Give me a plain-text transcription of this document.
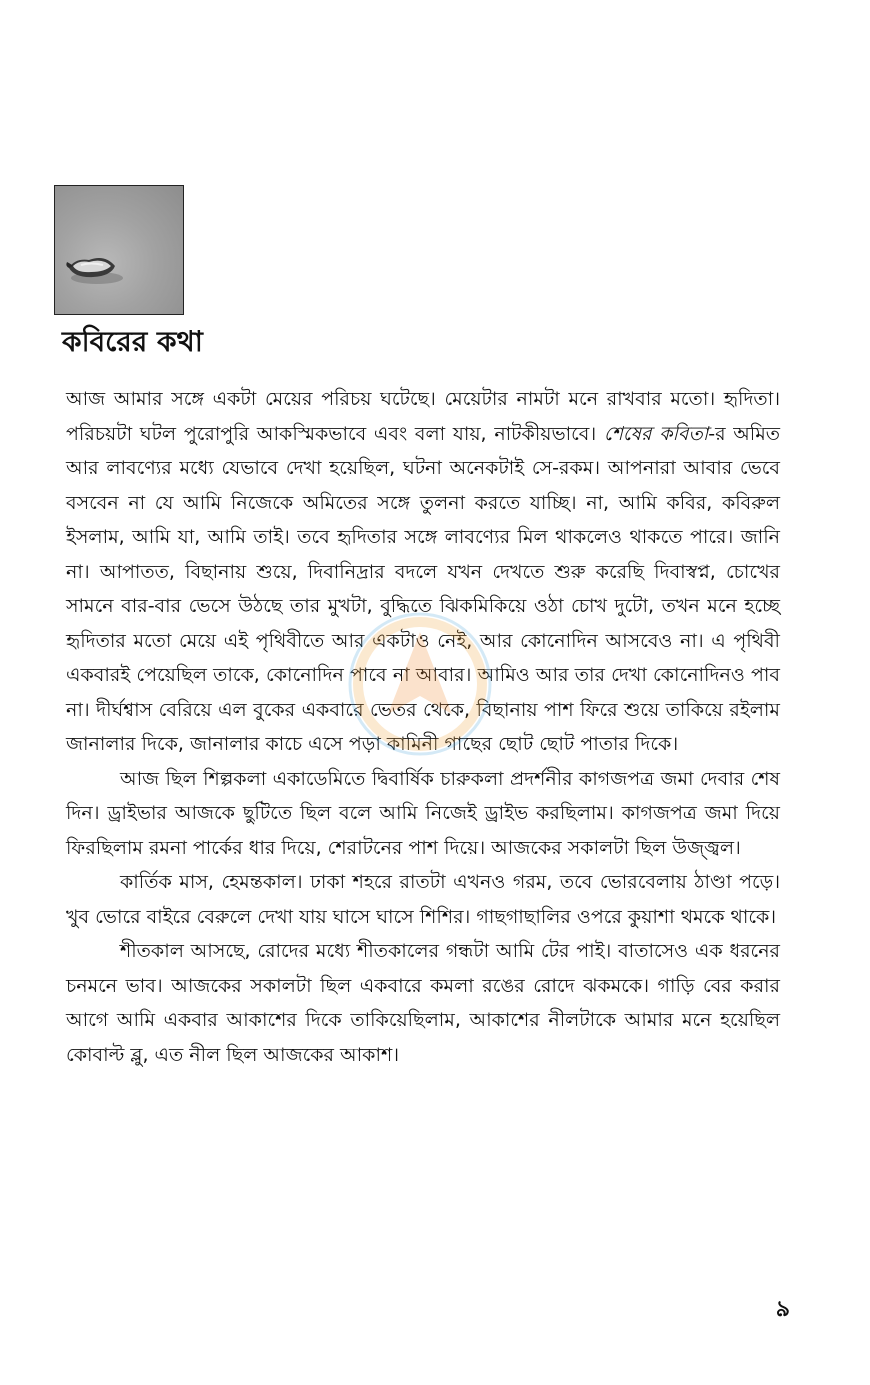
কবিরের কথা

আজ আমার সঙ্গে একটা মেয়ের পরিচয় ঘটেছে। মেয়েটার নামটা মনে রাখবার মতো। হৃদিতা। পরিচয়টা ঘটল পুরোপুরি আকস্মিকভাবে এবং বলা যায়, নাটকীয়ভাবে। শেষের কবিতা-র অমিত আর লাবণ্যের মধ্যে যেভাবে দেখা হয়েছিল, ঘটনা অনেকটাই সে-রকম। আপনারা আবার ভেবে বসবেন না যে আমি নিজেকে অমিতের সঙ্গে তুলনা করতে যাচ্ছি। না, আমি কবির, কবিরুল ইসলাম, আমি যা, আমি তাই। তবে হৃদিতার সঙ্গে লাবণ্যের মিল থাকলেও থাকতে পারে। জানি না। আপাতত, বিছানায় শুয়ে, দিবানিদ্রার বদলে যখন দেখতে শুরু করেছি দিবাস্বপ্ন, চোখের সামনে বার-বার ভেসে উঠছে তার মুখটা, বুদ্ধিতে ঝিকমিকিয়ে ওঠা চোখ দুটো, তখন মনে হচ্ছে হৃদিতার মতো মেয়ে এই পৃথিবীতে আর একটাও নেই, আর কোনোদিন আসবেও না। এ পৃথিবী একবারই পেয়েছিল তাকে, কোনোদিন পাবে না আবার। আমিও আর তার দেখা কোনোদিনও পাব না। দীর্ঘশ্বাস বেরিয়ে এল বুকের একবারে ভেতর থেকে, বিছানায় পাশ ফিরে শুয়ে তাকিয়ে রইলাম জানালার দিকে, জানালার কাচে এসে পড়া কামিনী গাছের ছোট ছোট পাতার দিকে।

আজ ছিল শিল্পকলা একাডেমিতে দ্বিবার্ষিক চারুকলা প্রদর্শনীর কাগজপত্র জমা দেবার শেষ দিন। ড্রাইভার আজকে ছুটিতে ছিল বলে আমি নিজেই ড্রাইভ করছিলাম। কাগজপত্র জমা দিয়ে ফিরছিলাম রমনা পার্কের ধার দিয়ে, শেরাটনের পাশ দিয়ে। আজকের সকালটা ছিল উজ্জ্বল।

কার্তিক মাস, হেমন্তকাল। ঢাকা শহরে রাতটা এখনও গরম, তবে ভোরবেলায় ঠাণ্ডা পড়ে। খুব ভোরে বাইরে বেরুলে দেখা যায় ঘাসে ঘাসে শিশির। গাছগাছালির ওপরে কুয়াশা থমকে থাকে।

শীতকাল আসছে, রোদের মধ্যে শীতকালের গন্ধটা আমি টের পাই। বাতাসেও এক ধরনের চনমনে ভাব। আজকের সকালটা ছিল একবারে কমলা রঙের রোদে ঝকমকে। গাড়ি বের করার আগে আমি একবার আকাশের দিকে তাকিয়েছিলাম, আকাশের নীলটাকে আমার মনে হয়েছিল কোবাল্ট ব্লু, এত নীল ছিল আজকের আকাশ।

৯
